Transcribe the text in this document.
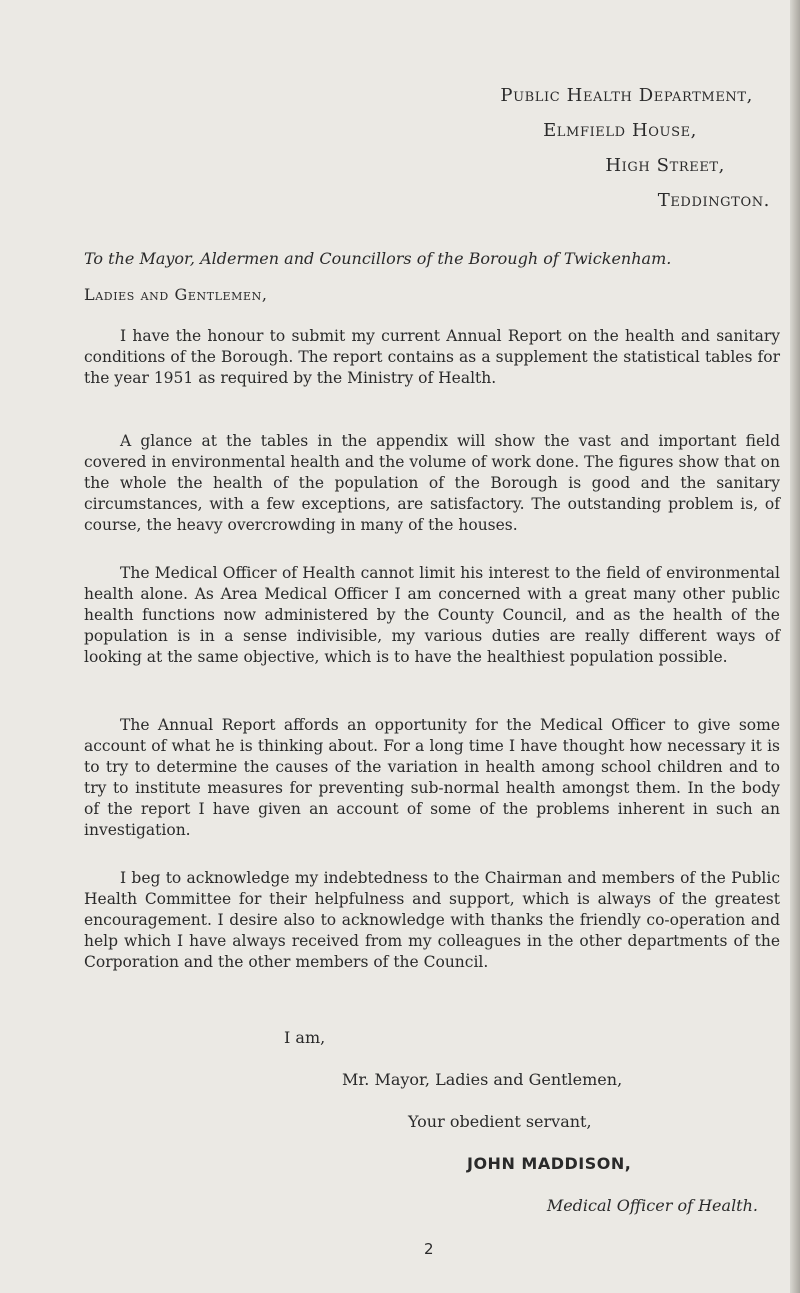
Public Health Department,
Elmfield House,
High Street,
Teddington.
To the Mayor, Aldermen and Councillors of the Borough of Twickenham.
Ladies and Gentlemen,

I have the honour to submit my current Annual Report on the health and sanitary conditions of the Borough. The report contains as a supplement the statistical tables for the year 1951 as required by the Ministry of Health.

A glance at the tables in the appendix will show the vast and important field covered in environmental health and the volume of work done. The figures show that on the whole the health of the population of the Borough is good and the sanitary circumstances, with a few exceptions, are satisfactory. The outstanding problem is, of course, the heavy overcrowding in many of the houses.

The Medical Officer of Health cannot limit his interest to the field of environmental health alone. As Area Medical Officer I am concerned with a great many other public health functions now administered by the County Council, and as the health of the population is in a sense indivisible, my various duties are really different ways of looking at the same objective, which is to have the healthiest population possible.

The Annual Report affords an opportunity for the Medical Officer to give some account of what he is thinking about. For a long time I have thought how necessary it is to try to determine the causes of the variation in health among school children and to try to institute measures for preventing sub-normal health amongst them. In the body of the report I have given an account of some of the problems inherent in such an investigation.

I beg to acknowledge my indebtedness to the Chairman and members of the Public Health Committee for their helpfulness and support, which is always of the greatest encouragement. I desire also to acknowledge with thanks the friendly co-operation and help which I have always received from my colleagues in the other departments of the Corporation and the other members of the Council.

I am,
Mr. Mayor, Ladies and Gentlemen,
Your obedient servant,
JOHN MADDISON,
Medical Officer of Health.
2
